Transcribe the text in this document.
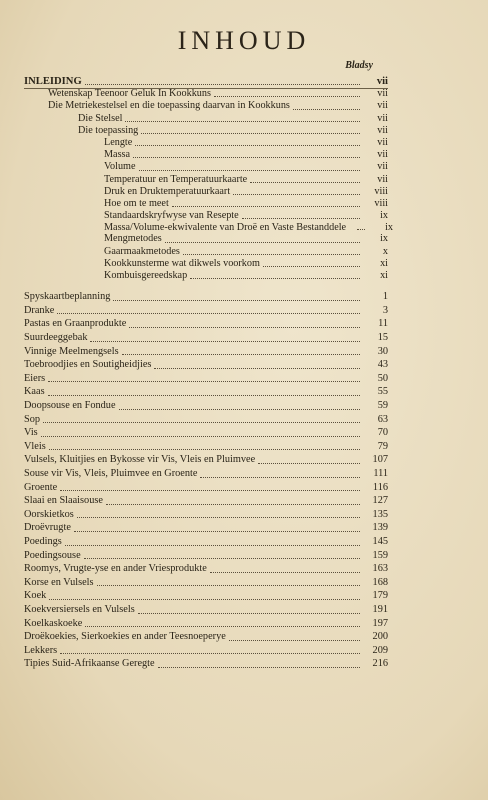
INHOUD
Bladsy
INLEIDING	vii
Wetenskap Teenoor Geluk In Kookkuns	vii
Die Metriekestelsel en die toepassing daarvan in Kookkuns	vii
Die Stelsel	vii
Die toepassing	vii
Lengte	vii
Massa	vii
Volume	vii
Temperatuur en Temperatuurkaarte	vii
Druk en Druktemperatuurkaart	viii
Hoe om te meet	viii
Standaardskryfwyse van Resepte	ix
Massa/Volume-ekwivalente van Droë en Vaste Bestanddele	ix
Mengmetodes	ix
Gaarmaakmetodes	x
Kookkunsterme wat dikwels voorkom	xi
Kombuisgereedskap	xi
Spyskaartbeplanning	1
Dranke	3
Pastas en Graanprodukte	11
Suurdeeggebak	15
Vinnige Meelmengsels	30
Toebroodjies en Soutigheidjies	43
Eiers	50
Kaas	55
Doopsouse en Fondue	59
Sop	63
Vis	70
Vleis	79
Vulsels, Kluitjies en Bykosse vir Vis, Vleis en Pluimvee	107
Souse vir Vis, Vleis, Pluimvee en Groente	111
Groente	116
Slaai en Slaaisouse	127
Oorskietkos	135
Droëvrugte	139
Poedings	145
Poedingsouse	159
Roomys, Vrugte-yse en ander Vriesprodukte	163
Korse en Vulsels	168
Koek	179
Koekversiersels en Vulsels	191
Koelkaskoeke	197
Droëkoekies, Sierkoekies en ander Teesnoeperye	200
Lekkers	209
Tipies Suid-Afrikaanse Geregte	216
